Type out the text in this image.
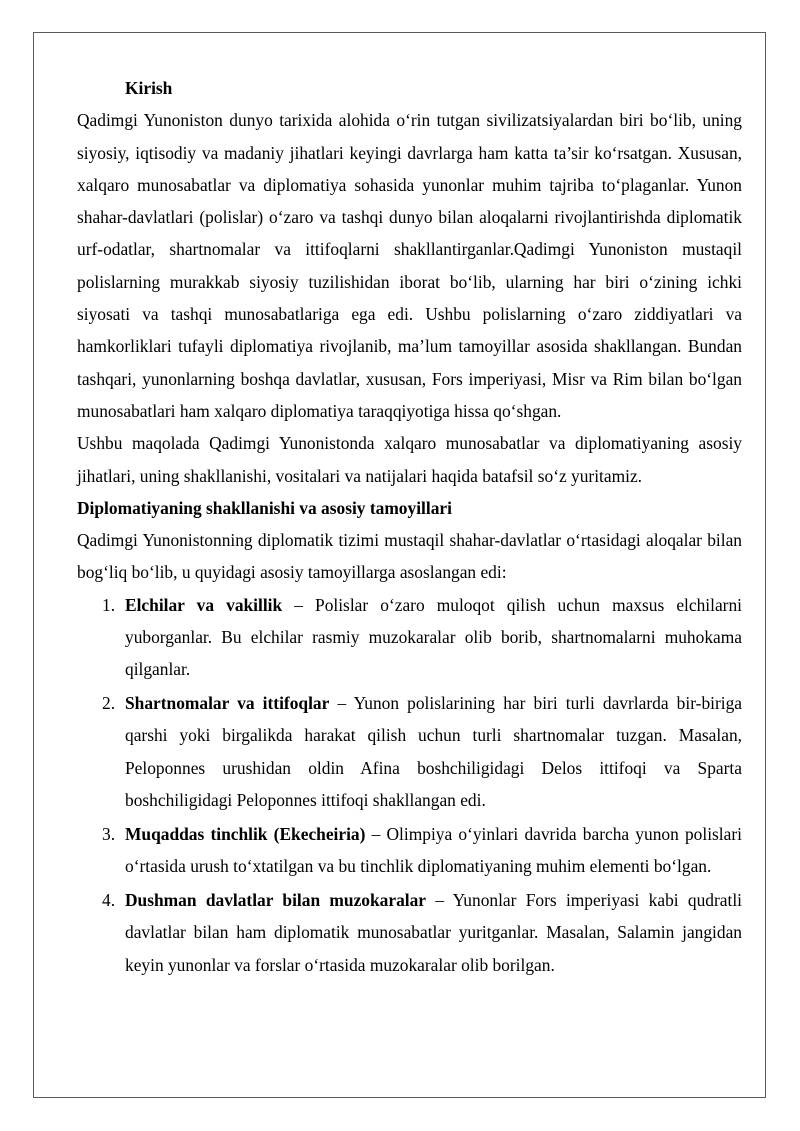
Kirish

Qadimgi Yunoniston dunyo tarixida alohida o‘rin tutgan sivilizatsiyalardan biri bo‘lib, uning siyosiy, iqtisodiy va madaniy jihatlari keyingi davrlarga ham katta ta’sir ko‘rsatgan. Xususan, xalqaro munosabatlar va diplomatiya sohasida yunonlar muhim tajriba to‘plaganlar. Yunon shahar-davlatlari (polislar) o‘zaro va tashqi dunyo bilan aloqalarni rivojlantirishda diplomatik urf-odatlar, shartnomalar va ittifoqlarni shakllantirganlar.Qadimgi Yunoniston mustaqil polislarning murakkab siyosiy tuzilishidan iborat bo‘lib, ularning har biri o‘zining ichki siyosati va tashqi munosabatlariga ega edi. Ushbu polislarning o‘zaro ziddiyatlari va hamkorliklari tufayli diplomatiya rivojlanib, ma’lum tamoyillar asosida shakllangan. Bundan tashqari, yunonlarning boshqa davlatlar, xususan, Fors imperiyasi, Misr va Rim bilan bo‘lgan munosabatlari ham xalqaro diplomatiya taraqqiyotiga hissa qo‘shgan.

Ushbu maqolada Qadimgi Yunonistonda xalqaro munosabatlar va diplomatiyaning asosiy jihatlari, uning shakllanishi, vositalari va natijalari haqida batafsil so‘z yuritamiz.

Diplomatiyaning shakllanishi va asosiy tamoyillari

Qadimgi Yunonistonning diplomatik tizimi mustaqil shahar-davlatlar o‘rtasidagi aloqalar bilan bog‘liq bo‘lib, u quyidagi asosiy tamoyillarga asoslangan edi:

1. Elchilar va vakillik – Polislar o‘zaro muloqot qilish uchun maxsus elchilarni yuborganlar. Bu elchilar rasmiy muzokaralar olib borib, shartnomalarni muhokama qilganlar.
2. Shartnomalar va ittifoqlar – Yunon polislarining har biri turli davrlarda bir-biriga qarshi yoki birgalikda harakat qilish uchun turli shartnomalar tuzgan. Masalan, Peloponnes urushidan oldin Afina boshchiligidagi Delos ittifoqi va Sparta boshchiligidagi Peloponnes ittifoqi shakllangan edi.
3. Muqaddas tinchlik (Ekecheiria) – Olimpiya o‘yinlari davrida barcha yunon polislari o‘rtasida urush to‘xtatilgan va bu tinchlik diplomatiyaning muhim elementi bo‘lgan.
4. Dushman davlatlar bilan muzokaralar – Yunonlar Fors imperiyasi kabi qudratli davlatlar bilan ham diplomatik munosabatlar yuritganlar. Masalan, Salamin jangidan keyin yunonlar va forslar o‘rtasida muzokaralar olib borilgan.
